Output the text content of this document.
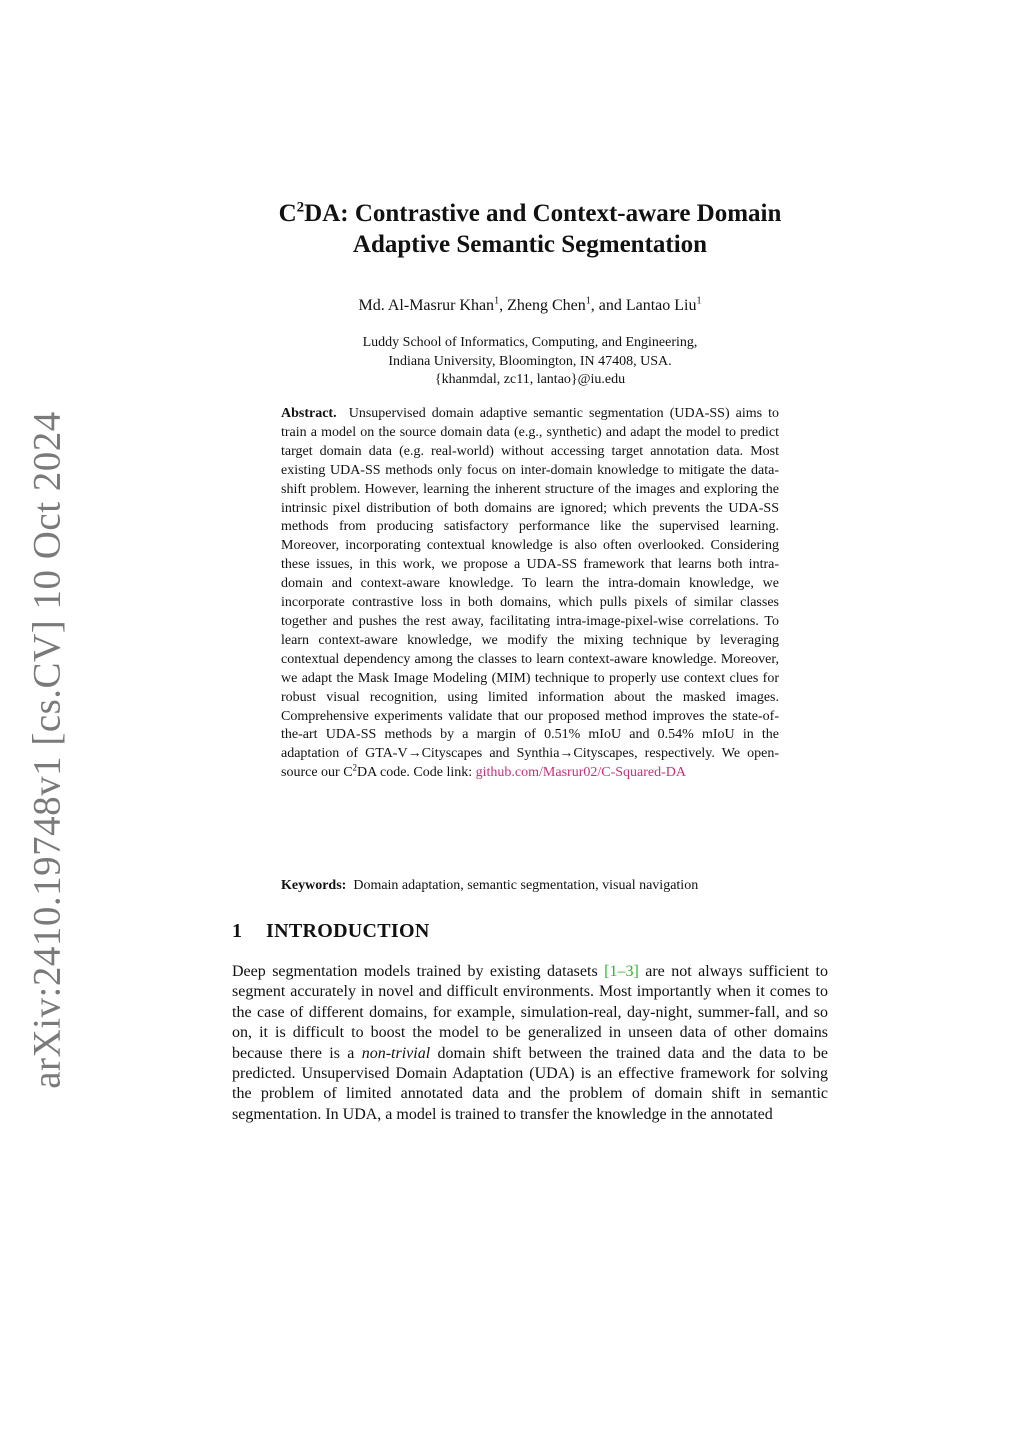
arXiv:2410.19748v1 [cs.CV] 10 Oct 2024
$C^2DA$: Contrastive and Context-aware Domain
Adaptive Semantic Segmentation
Md. Al-Masrur Khan$^1$, Zheng Chen$^1$, and Lantao Liu$^1$
Luddy School of Informatics, Computing, and Engineering,
Indiana University, Bloomington, IN 47408, USA.
{khanmdal, zc11, lantao}@iu.edu
Abstract. Unsupervised domain adaptive semantic segmentation (UDA-SS) aims to train a model on the source domain data (e.g., synthetic) and adapt the model to predict target domain data (e.g. real-world) without accessing target annotation data. Most existing UDA-SS methods only focus on inter-domain knowledge to mitigate the data-shift problem. However, learning the inherent structure of the images and exploring the intrinsic pixel distribution of both domains are ignored; which prevents the UDA-SS methods from producing satisfactory performance like the supervised learning. Moreover, incorporating contextual knowledge is also often overlooked. Considering these issues, in this work, we propose a UDA-SS framework that learns both intra-domain and context-aware knowledge. To learn the intra-domain knowledge, we incorporate contrastive loss in both domains, which pulls pixels of similar classes together and pushes the rest away, facilitating intra-image-pixel-wise correlations. To learn context-aware knowledge, we modify the mixing technique by leveraging contextual dependency among the classes to learn context-aware knowledge. Moreover, we adapt the Mask Image Modeling (MIM) technique to properly use context clues for robust visual recognition, using limited information about the masked images. Comprehensive experiments validate that our proposed method improves the state-of-the-art UDA-SS methods by a margin of 0.51% mIoU and 0.54% mIoU in the adaptation of GTA-V→Cityscapes and Synthia→Cityscapes, respectively. We open-source our $C^2DA$ code. Code link: github.com/Masrur02/C-Squared-DA
Keywords: Domain adaptation, semantic segmentation, visual navigation
1 INTRODUCTION
Deep segmentation models trained by existing datasets [1–3] are not always sufficient to segment accurately in novel and difficult environments. Most importantly when it comes to the case of different domains, for example, simulation-real, day-night, summer-fall, and so on, it is difficult to boost the model to be generalized in unseen data of other domains because there is a non-trivial domain shift between the trained data and the data to be predicted. Unsupervised Domain Adaptation (UDA) is an effective framework for solving the problem of limited annotated data and the problem of domain shift in semantic segmentation. In UDA, a model is trained to transfer the knowledge in the annotated
